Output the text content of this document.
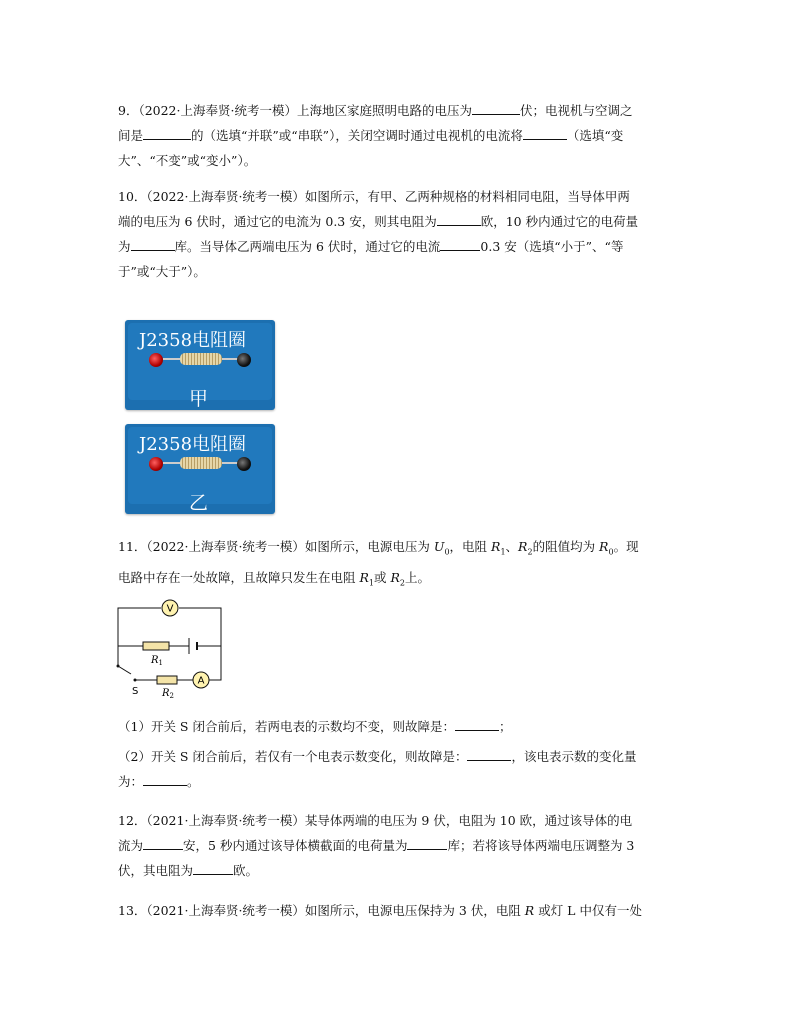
9．（2022·上海奉贤·统考一模）上海地区家庭照明电路的电压为	伏；电视机与空调之
间是	的（选填“并联”或“串联”），关闭空调时通过电视机的电流将	（选填“变
大”、“不变”或“变小”）。
10．（2022·上海奉贤·统考一模）如图所示，有甲、乙两种规格的材料相同电阻，当导体甲两
端的电压为 6 伏时，通过它的电流为 0.3 安，则其电阻为	欧，10 秒内通过它的电荷量
为	库。当导体乙两端电压为 6 伏时，通过它的电流	0.3 安（选填“小于”、“等
于”或“大于”）。
J2358电阻圈
甲
J2358电阻圈
乙
11．（2022·上海奉贤·统考一模）如图所示，电源电压为 $U_0$，电阻 $R_1$、$R_2$的阻值均为 $R_0$。现
电路中存在一处故障，且故障只发生在电阻 $R_1$或 $R_2$上。
V
$R_1$
S $R_2$
A
（1）开关 S 闭合前后，若两电表的示数均不变，则故障是：	；
（2）开关 S 闭合前后，若仅有一个电表示数变化，则故障是：	，该电表示数的变化量
为：	。
12．（2021·上海奉贤·统考一模）某导体两端的电压为 9 伏，电阻为 10 欧，通过该导体的电
流为	安，5 秒内通过该导体横截面的电荷量为	库；若将该导体两端电压调整为 3
伏，其电阻为	欧。
13．（2021·上海奉贤·统考一模）如图所示，电源电压保持为 3 伏，电阻 R 或灯 L 中仅有一处
